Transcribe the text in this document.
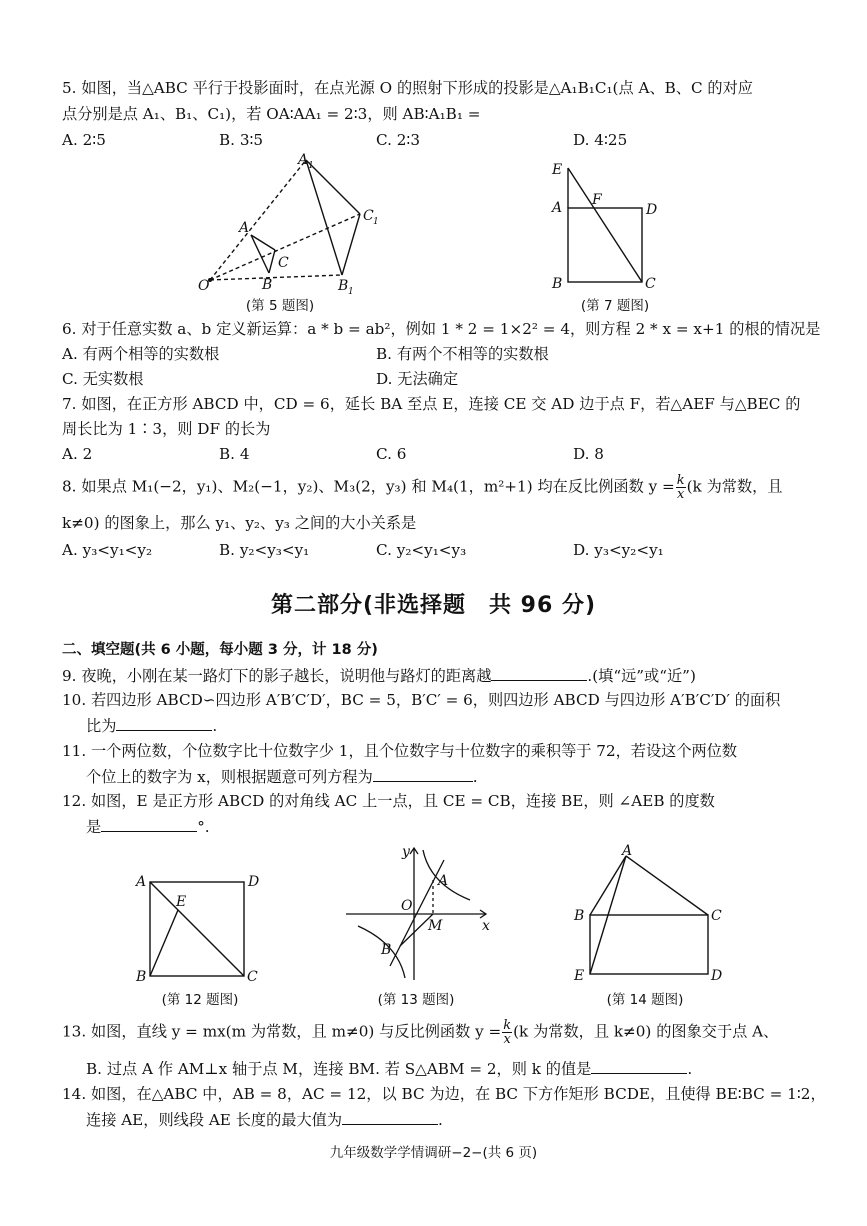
5. 如图，当△ABC 平行于投影面时，在点光源 O 的照射下形成的投影是△A₁B₁C₁(点 A、B、C 的对应
点分别是点 A₁、B₁、C₁)，若 OA∶AA₁ = 2∶3，则 AB∶A₁B₁ =
A. 2∶5	B. 3∶5	C. 2∶3	D. 4∶25
O
A
C
B
A 1
C 1
B 1
(第 5 题图)
E
A F
D
B	C
(第 7 题图)
6. 对于任意实数 a、b 定义新运算：a * b = ab²，例如 1 * 2 = 1×2² = 4，则方程 2 * x = x+1 的根的情况是
A. 有两个相等的实数根	B. 有两个不相等的实数根
C. 无实数根	D. 无法确定
7. 如图，在正方形 ABCD 中，CD = 6，延长 BA 至点 E，连接 CE 交 AD 边于点 F，若△AEF 与△BEC 的
周长比为 1∶3，则 DF 的长为
A. 2	B. 4	C. 6	D. 8
8. 如果点 M₁(−2，y₁)、M₂(−1，y₂)、M₃(2，y₃) 和 M₄(1，m²+1) 均在反比例函数 $y = \frac{k}{x} (k$ 为常数，且
k≠0) 的图象上，那么 y₁、y₂、y₃ 之间的大小关系是
A. y₃<y₁<y₂	B. y₂<y₃<y₁	C. y₂<y₁<y₃	D. y₃<y₂<y₁
第二部分(非选择题　共 96 分)
二、填空题(共 6 小题，每小题 3 分，计 18 分)
9. 夜晚，小刚在某一路灯下的影子越长，说明他与路灯的距离越	.(填“远”或“近”)
10. 若四边形 ABCD∽四边形 A′B′C′D′，BC = 5，B′C′ = 6，则四边形 ABCD 与四边形 A′B′C′D′ 的面积
比为	.
11. 一个两位数，个位数字比十位数字少 1，且个位数字与十位数字的乘积等于 72，若设这个两位数
个位上的数字为 x，则根据题意可列方程为	.
12. 如图，E 是正方形 ABCD 的对角线 AC 上一点，且 CE = CB，连接 BE，则 ∠AEB 的度数
是	°.
A	D
E
B	C
(第 12 题图)
y
x
O
A
M
B
(第 13 题图)
A
B	C
E	D
(第 14 题图)
13. 如图，直线 y = mx(m 为常数，且 m≠0) 与反比例函数 $y = \frac{k}{x} (k$ 为常数，且 k≠0) 的图象交于点 A、
B. 过点 A 作 AM⊥x 轴于点 M，连接 BM. 若 S△ABM = 2，则 k 的值是	.
14. 如图，在△ABC 中，AB = 8，AC = 12，以 BC 为边，在 BC 下方作矩形 BCDE，且使得 BE∶BC = 1∶2，
连接 AE，则线段 AE 长度的最大值为	.
九年级数学学情调研−2−(共 6 页)
